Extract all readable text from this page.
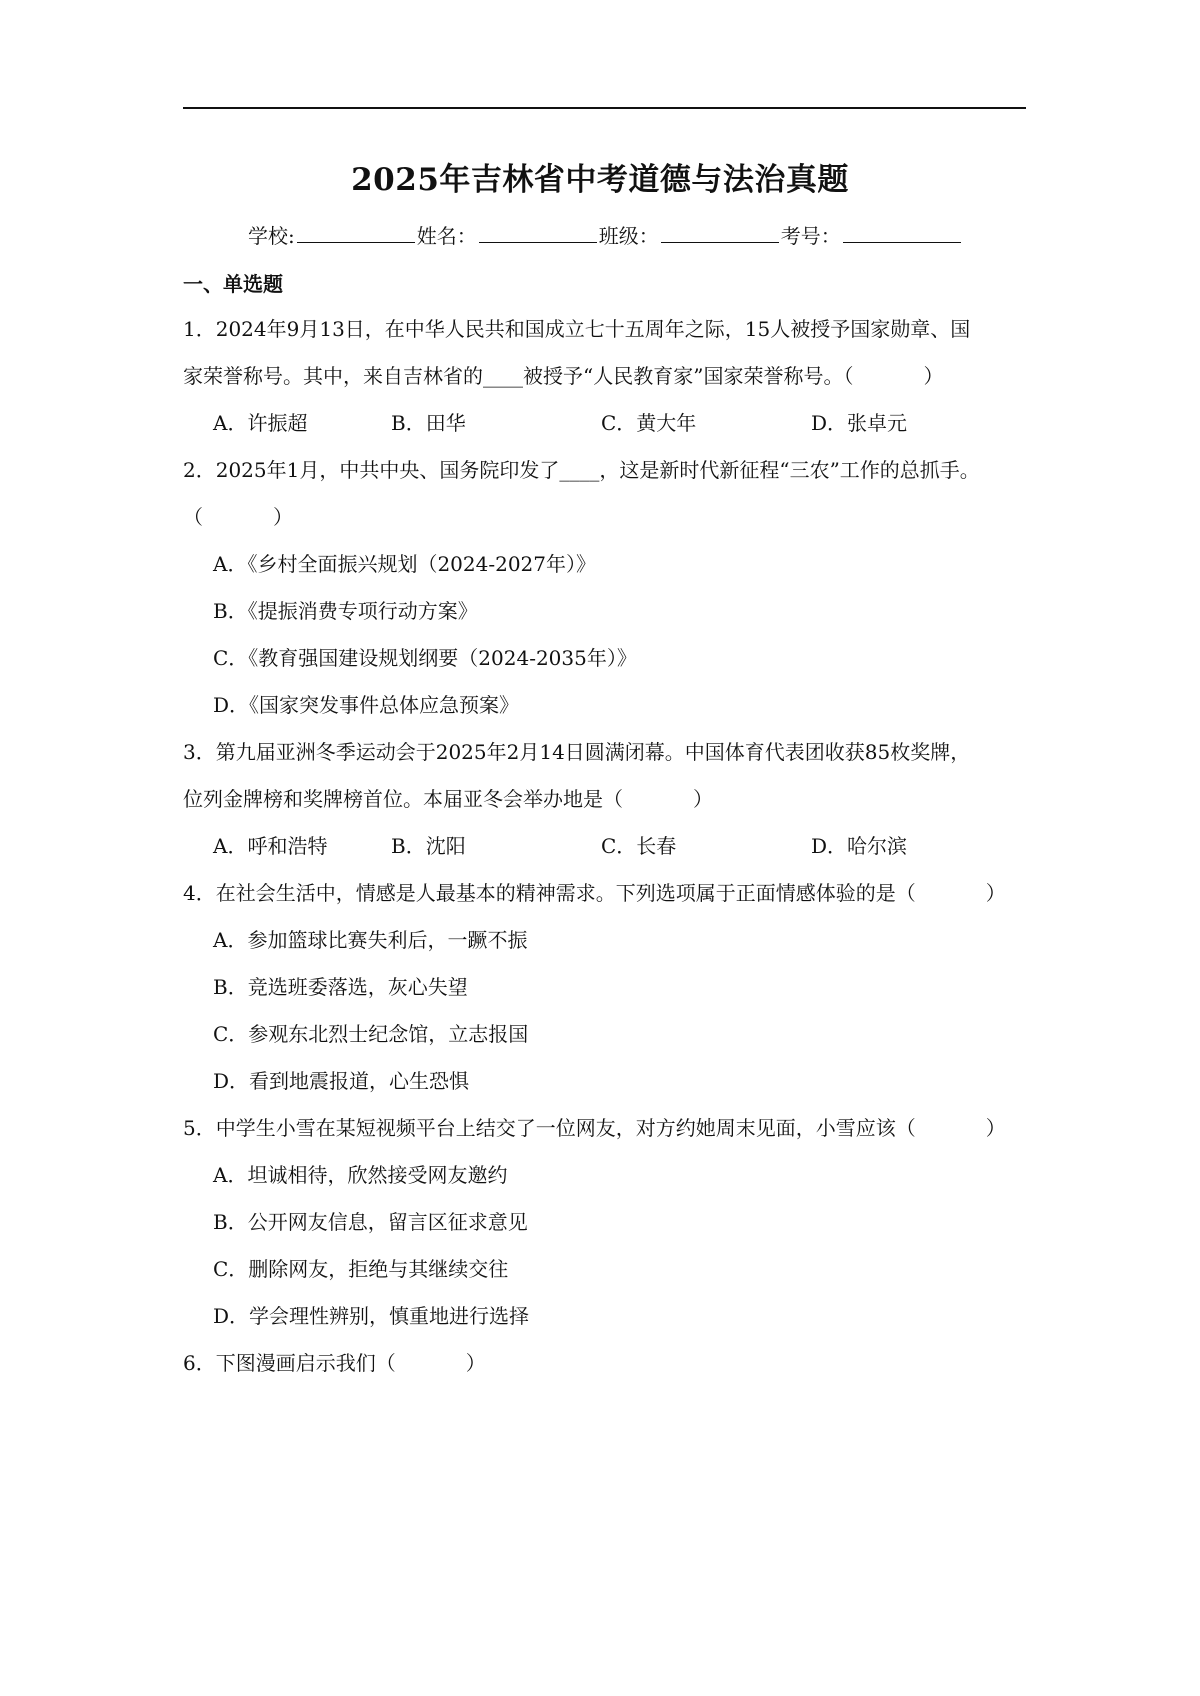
2025年吉林省中考道德与法治真题
学校:	姓名：	班级：	考号：
一、单选题
1．2024年9月13日，在中华人民共和国成立七十五周年之际，15人被授予国家勋章、国
家荣誉称号。其中，来自吉林省的____被授予“人民教育家”国家荣誉称号。（	）
A．许振超	B．田华	C．黄大年	D．张卓元
2．2025年1月，中共中央、国务院印发了____，这是新时代新征程“三农”工作的总抓手。
（	）
A．《乡村全面振兴规划（2024-2027年）》
B．《提振消费专项行动方案》
C．《教育强国建设规划纲要（2024-2035年）》
D．《国家突发事件总体应急预案》
3．第九届亚洲冬季运动会于2025年2月14日圆满闭幕。中国体育代表团收获85枚奖牌，
位列金牌榜和奖牌榜首位。本届亚冬会举办地是（	）
A．呼和浩特	B．沈阳	C．长春	D．哈尔滨
4．在社会生活中，情感是人最基本的精神需求。下列选项属于正面情感体验的是（	）
A．参加篮球比赛失利后，一蹶不振
B．竞选班委落选，灰心失望
C．参观东北烈士纪念馆，立志报国
D．看到地震报道，心生恐惧
5．中学生小雪在某短视频平台上结交了一位网友，对方约她周末见面，小雪应该（	）
A．坦诚相待，欣然接受网友邀约
B．公开网友信息，留言区征求意见
C．删除网友，拒绝与其继续交往
D．学会理性辨别，慎重地进行选择
6．下图漫画启示我们（	）
